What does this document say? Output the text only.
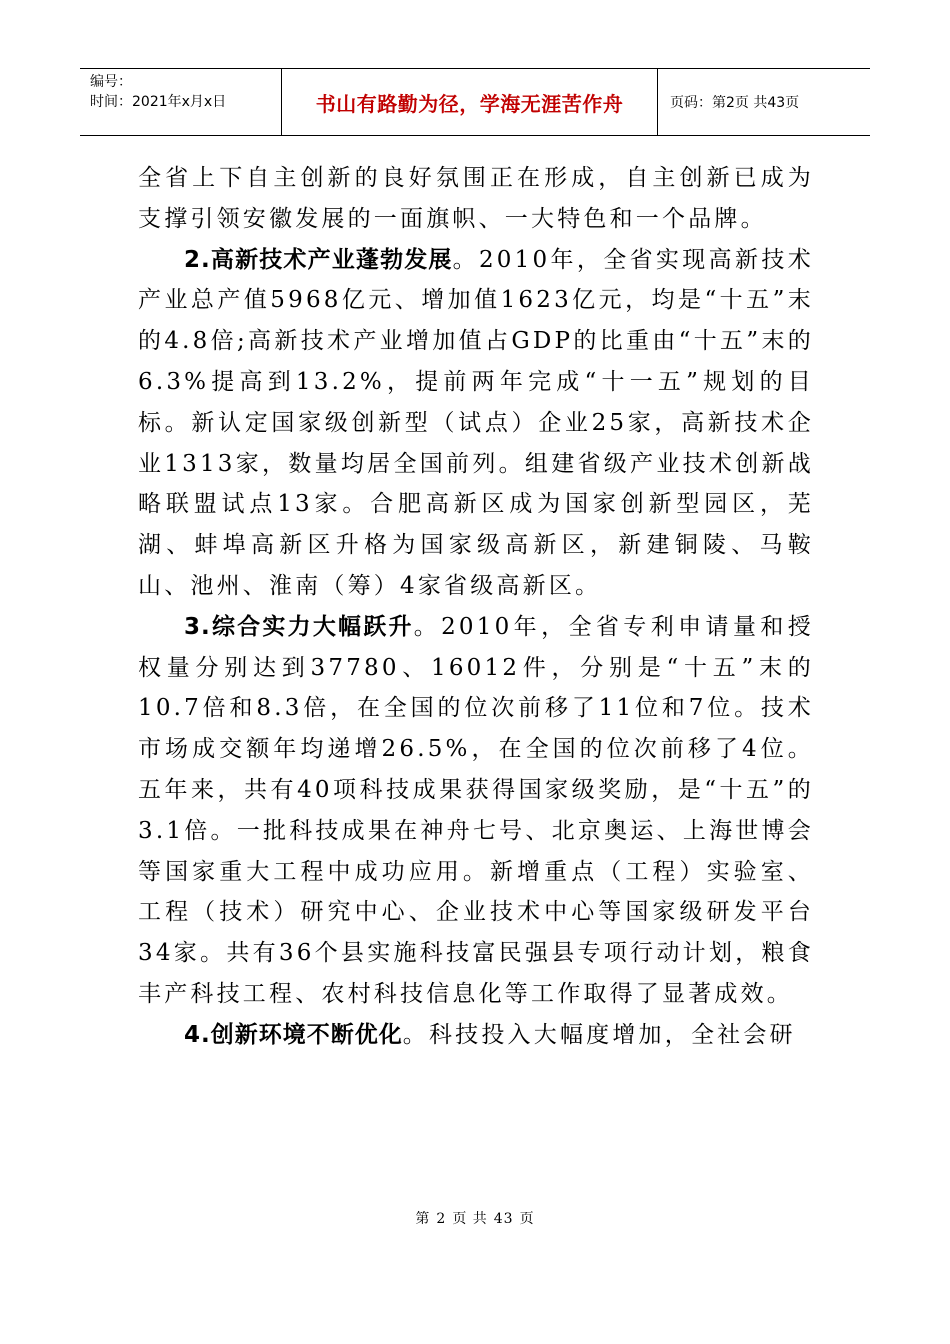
编号：
时间：2021年x月x日	书山有路勤为径，学海无涯苦作舟	页码：第2页 共43页

全省上下自主创新的良好氛围正在形成，自主创新已成为支撑引领安徽发展的一面旗帜、一大特色和一个品牌。

2.高新技术产业蓬勃发展。2010年，全省实现高新技术产业总产值5968亿元、增加值1623亿元，均是“十五”末的4.8倍;高新技术产业增加值占GDP的比重由“十五”末的6.3%提高到13.2%，提前两年完成“十一五”规划的目标。新认定国家级创新型（试点）企业25家，高新技术企业1313家，数量均居全国前列。组建省级产业技术创新战略联盟试点13家。合肥高新区成为国家创新型园区，芜湖、蚌埠高新区升格为国家级高新区，新建铜陵、马鞍山、池州、淮南（筹）4家省级高新区。

3.综合实力大幅跃升。2010年，全省专利申请量和授权量分别达到37780、16012件，分别是“十五”末的10.7倍和8.3倍，在全国的位次前移了11位和7位。技术市场成交额年均递增26.5%，在全国的位次前移了4位。五年来，共有40项科技成果获得国家级奖励，是“十五”的3.1倍。一批科技成果在神舟七号、北京奥运、上海世博会等国家重大工程中成功应用。新增重点（工程）实验室、工程（技术）研究中心、企业技术中心等国家级研发平台34家。共有36个县实施科技富民强县专项行动计划，粮食丰产科技工程、农村科技信息化等工作取得了显著成效。

4.创新环境不断优化。科技投入大幅度增加，全社会研

第 2 页 共 43 页
